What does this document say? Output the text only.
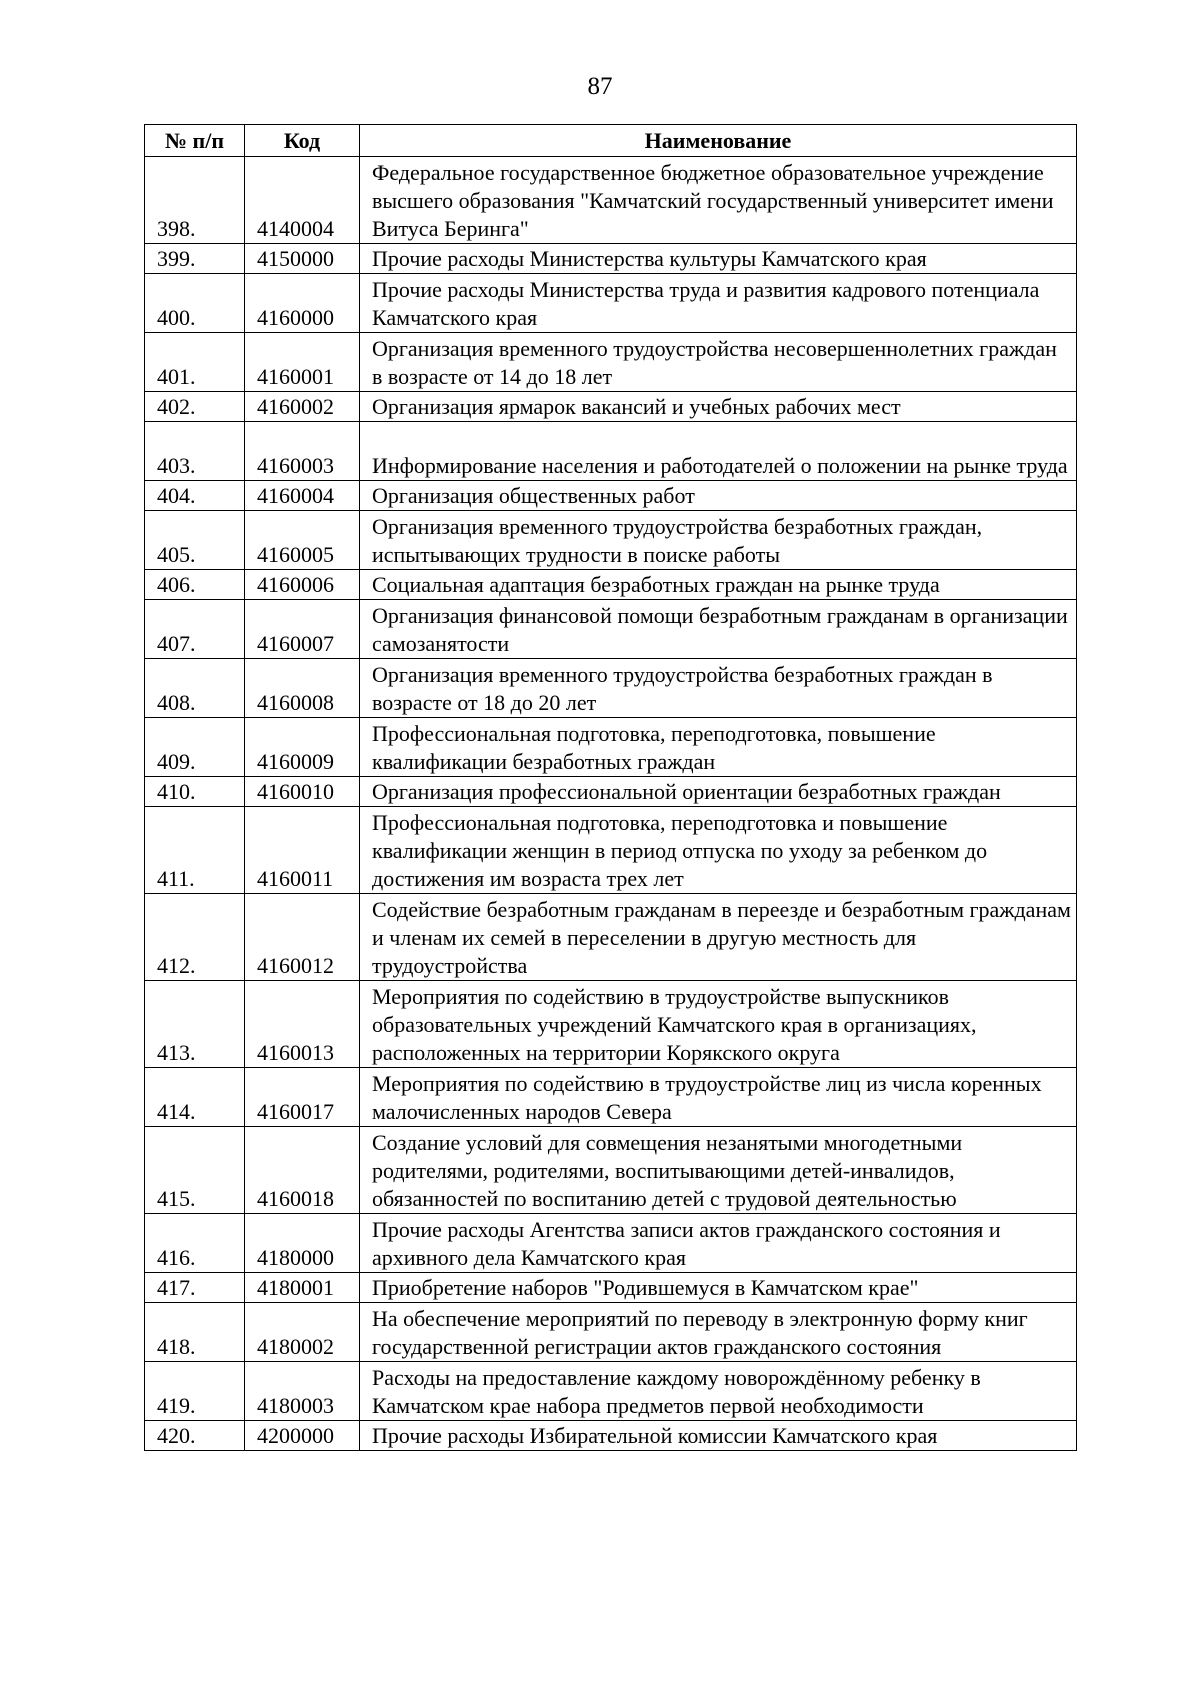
87
№ п/п	Код	Наименование
398.	4140004	Федеральное государственное бюджетное образовательное учреждение высшего образования "Камчатский государственный университет имени Витуса Беринга"
399.	4150000	Прочие расходы Министерства культуры Камчатского края
400.	4160000	Прочие расходы Министерства труда и развития кадрового потенциала Камчатского края
401.	4160001	Организация временного трудоустройства несовершеннолетних граждан в возрасте от 14 до 18 лет
402.	4160002	Организация ярмарок вакансий и учебных рабочих мест
403.	4160003	Информирование населения и работодателей о положении на рынке труда
404.	4160004	Организация общественных работ
405.	4160005	Организация временного трудоустройства безработных граждан, испытывающих трудности в поиске работы
406.	4160006	Социальная адаптация безработных граждан на рынке труда
407.	4160007	Организация финансовой помощи безработным гражданам в организации самозанятости
408.	4160008	Организация временного трудоустройства безработных граждан в возрасте от 18 до 20 лет
409.	4160009	Профессиональная подготовка, переподготовка, повышение квалификации безработных граждан
410.	4160010	Организация профессиональной ориентации безработных граждан
411.	4160011	Профессиональная подготовка, переподготовка и повышение квалификации женщин в период отпуска по уходу за ребенком до достижения им возраста трех лет
412.	4160012	Содействие безработным гражданам в переезде и безработным гражданам и членам их семей в переселении в другую местность для трудоустройства
413.	4160013	Мероприятия по содействию в трудоустройстве выпускников образовательных учреждений Камчатского края в организациях, расположенных на территории Корякского округа
414.	4160017	Мероприятия по содействию в трудоустройстве лиц из числа коренных малочисленных народов Севера
415.	4160018	Создание условий для совмещения незанятыми многодетными родителями, родителями, воспитывающими детей-инвалидов, обязанностей по воспитанию детей с трудовой деятельностью
416.	4180000	Прочие расходы Агентства записи актов гражданского состояния и архивного дела Камчатского края
417.	4180001	Приобретение наборов "Родившемуся в Камчатском крае"
418.	4180002	На обеспечение мероприятий по переводу в электронную форму книг государственной регистрации актов гражданского состояния
419.	4180003	Расходы на предоставление каждому новорождённому ребенку в Камчатском крае набора предметов первой необходимости
420.	4200000	Прочие расходы Избирательной комиссии Камчатского края
